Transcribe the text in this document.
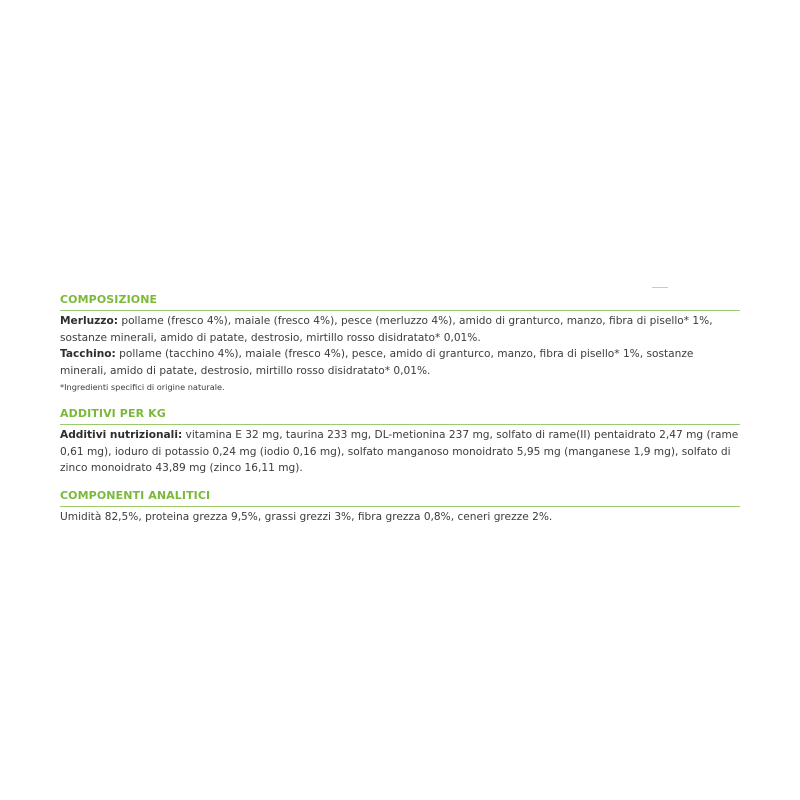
COMPOSIZIONE

Merluzzo: pollame (fresco 4%), maiale (fresco 4%), pesce (merluzzo 4%), amido di granturco, manzo, fibra di pisello* 1%, sostanze minerali, amido di patate, destrosio, mirtillo rosso disidratato* 0,01%.

Tacchino: pollame (tacchino 4%), maiale (fresco 4%), pesce, amido di granturco, manzo, fibra di pisello* 1%, sostanze minerali, amido di patate, destrosio, mirtillo rosso disidratato* 0,01%.

*Ingredienti specifici di origine naturale.

ADDITIVI PER KG

Additivi nutrizionali: vitamina E 32 mg, taurina 233 mg, DL-metionina 237 mg, solfato di rame(II) pentaidrato 2,47 mg (rame 0,61 mg), ioduro di potassio 0,24 mg (iodio 0,16 mg), solfato manganoso monoidrato 5,95 mg (manganese 1,9 mg), solfato di zinco monoidrato 43,89 mg (zinco 16,11 mg).

COMPONENTI ANALITICI

Umidità 82,5%, proteina grezza 9,5%, grassi grezzi 3%, fibra grezza 0,8%, ceneri grezze 2%.
